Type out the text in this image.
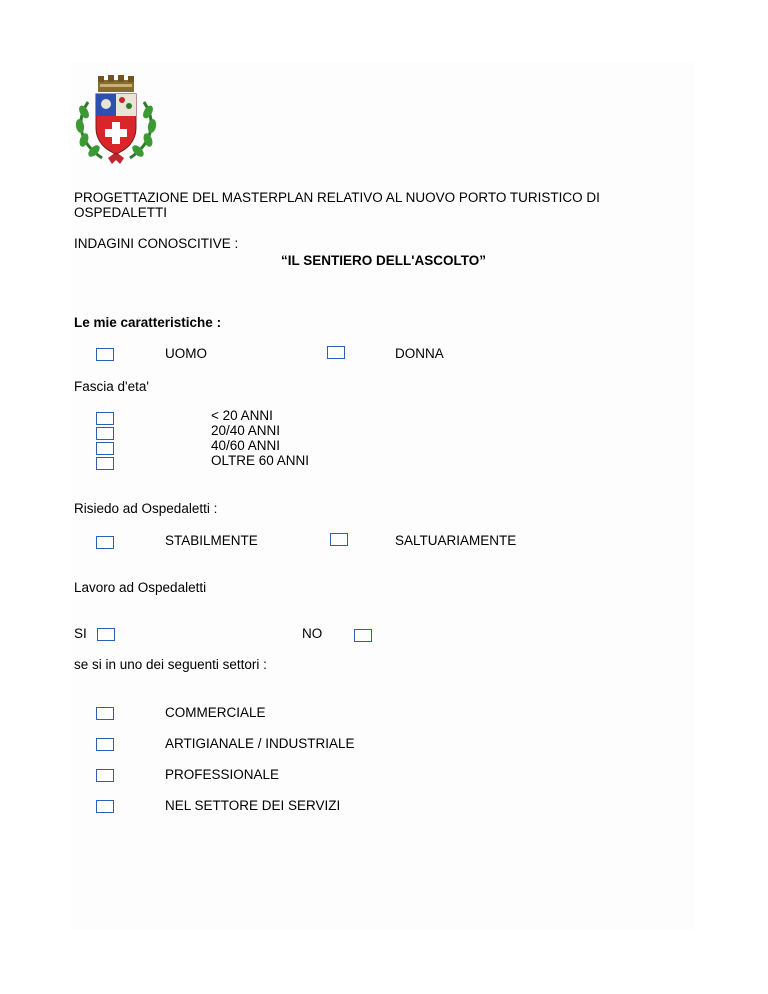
PROGETTAZIONE DEL MASTERPLAN RELATIVO AL NUOVO PORTO TURISTICO DI
OSPEDALETTI
INDAGINI CONOSCITIVE :
“IL SENTIERO DELL'ASCOLTO”
Le mie caratteristiche :
UOMO	DONNA
Fascia d'eta'
< 20 ANNI
20/40 ANNI
40/60 ANNI
OLTRE 60 ANNI
Risiedo ad Ospedaletti :
STABILMENTE	SALTUARIAMENTE
Lavoro ad Ospedaletti
SI	NO
se si in uno dei seguenti settori :
COMMERCIALE
ARTIGIANALE / INDUSTRIALE
PROFESSIONALE
NEL SETTORE DEI SERVIZI
